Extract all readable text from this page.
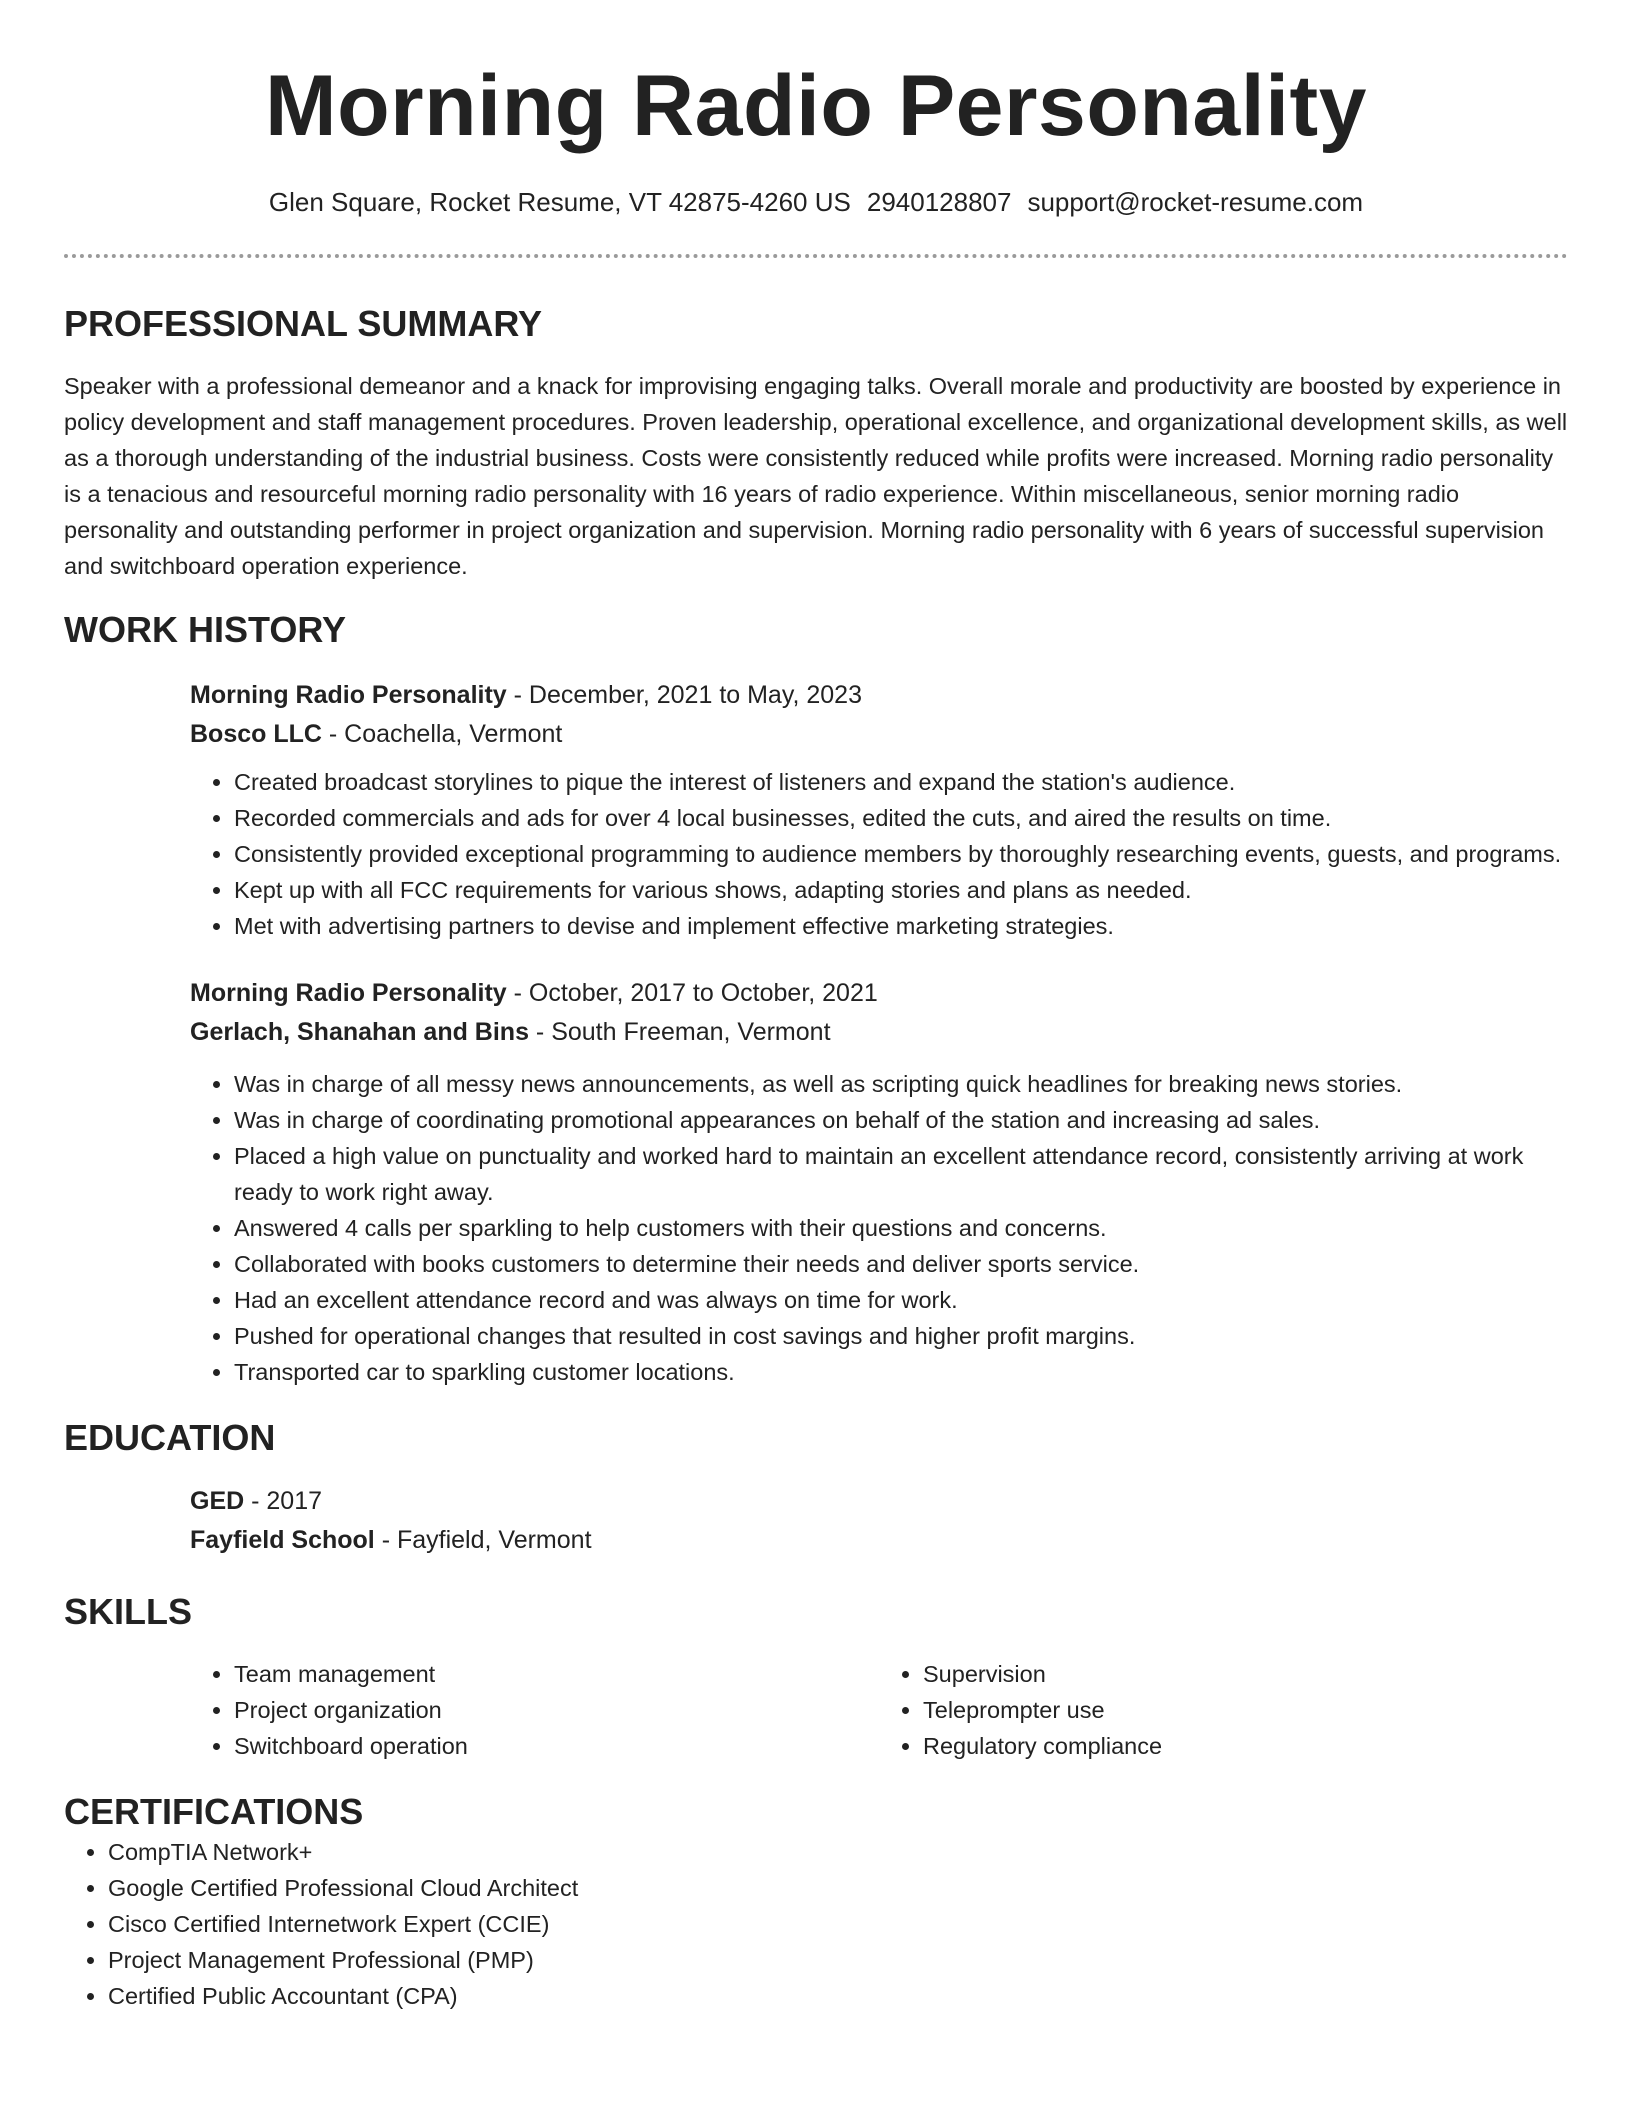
Morning Radio Personality
Glen Square, Rocket Resume, VT 42875-4260 US 2940128807 support@rocket-resume.com
PROFESSIONAL SUMMARY

Speaker with a professional demeanor and a knack for improvising engaging talks. Overall morale and productivity are boosted by experience in policy development and staff management procedures. Proven leadership, operational excellence, and organizational development skills, as well as a thorough understanding of the industrial business. Costs were consistently reduced while profits were increased. Morning radio personality is a tenacious and resourceful morning radio personality with 16 years of radio experience. Within miscellaneous, senior morning radio personality and outstanding performer in project organization and supervision. Morning radio personality with 6 years of successful supervision and switchboard operation experience.

WORK HISTORY

Morning Radio Personality - December, 2021 to May, 2023

Bosco LLC - Coachella, Vermont

• Created broadcast storylines to pique the interest of listeners and expand the station's audience.
• Recorded commercials and ads for over 4 local businesses, edited the cuts, and aired the results on time.
• Consistently provided exceptional programming to audience members by thoroughly researching events, guests, and programs.
• Kept up with all FCC requirements for various shows, adapting stories and plans as needed.
• Met with advertising partners to devise and implement effective marketing strategies.

Morning Radio Personality - October, 2017 to October, 2021

Gerlach, Shanahan and Bins - South Freeman, Vermont

• Was in charge of all messy news announcements, as well as scripting quick headlines for breaking news stories.
• Was in charge of coordinating promotional appearances on behalf of the station and increasing ad sales.
• Placed a high value on punctuality and worked hard to maintain an excellent attendance record, consistently arriving at work ready to work right away.
• Answered 4 calls per sparkling to help customers with their questions and concerns.
• Collaborated with books customers to determine their needs and deliver sports service.
• Had an excellent attendance record and was always on time for work.
• Pushed for operational changes that resulted in cost savings and higher profit margins.
• Transported car to sparkling customer locations.
EDUCATION

GED - 2017

Fayfield School - Fayfield, Vermont

SKILLS
• Team management
• Project organization
• Switchboard operation
• Supervision
• Teleprompter use
• Regulatory compliance
CERTIFICATIONS
• CompTIA Network+
• Google Certified Professional Cloud Architect
• Cisco Certified Internetwork Expert (CCIE)
• Project Management Professional (PMP)
• Certified Public Accountant (CPA)
